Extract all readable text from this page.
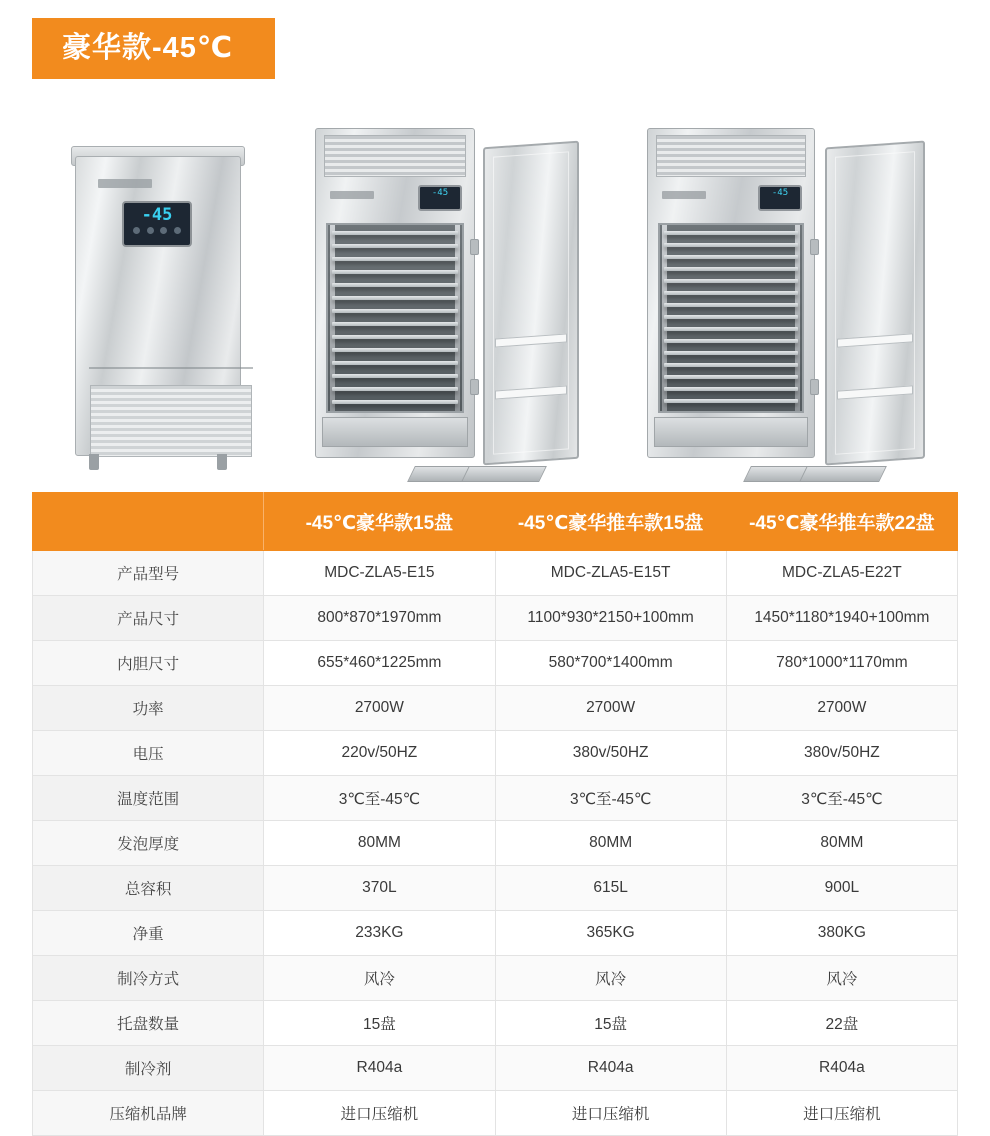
豪华款-45℃
-45
-45	-45
	-45℃豪华款15盘	-45℃豪华推车款15盘	-45℃豪华推车款22盘
产品型号	MDC-ZLA5-E15	MDC-ZLA5-E15T	MDC-ZLA5-E22T
产品尺寸	800*870*1970mm	1100*930*2150+100mm	1450*1180*1940+100mm
内胆尺寸	655*460*1225mm	580*700*1400mm	780*1000*1170mm
功率	2700W	2700W	2700W
电压	220v/50HZ	380v/50HZ	380v/50HZ
温度范围	3℃至-45℃	3℃至-45℃	3℃至-45℃
发泡厚度	80MM	80MM	80MM
总容积	370L	615L	900L
净重	233KG	365KG	380KG
制冷方式	风冷	风冷	风冷
托盘数量	15盘	15盘	22盘
制冷剂	R404a	R404a	R404a
压缩机品牌	进口压缩机	进口压缩机	进口压缩机
